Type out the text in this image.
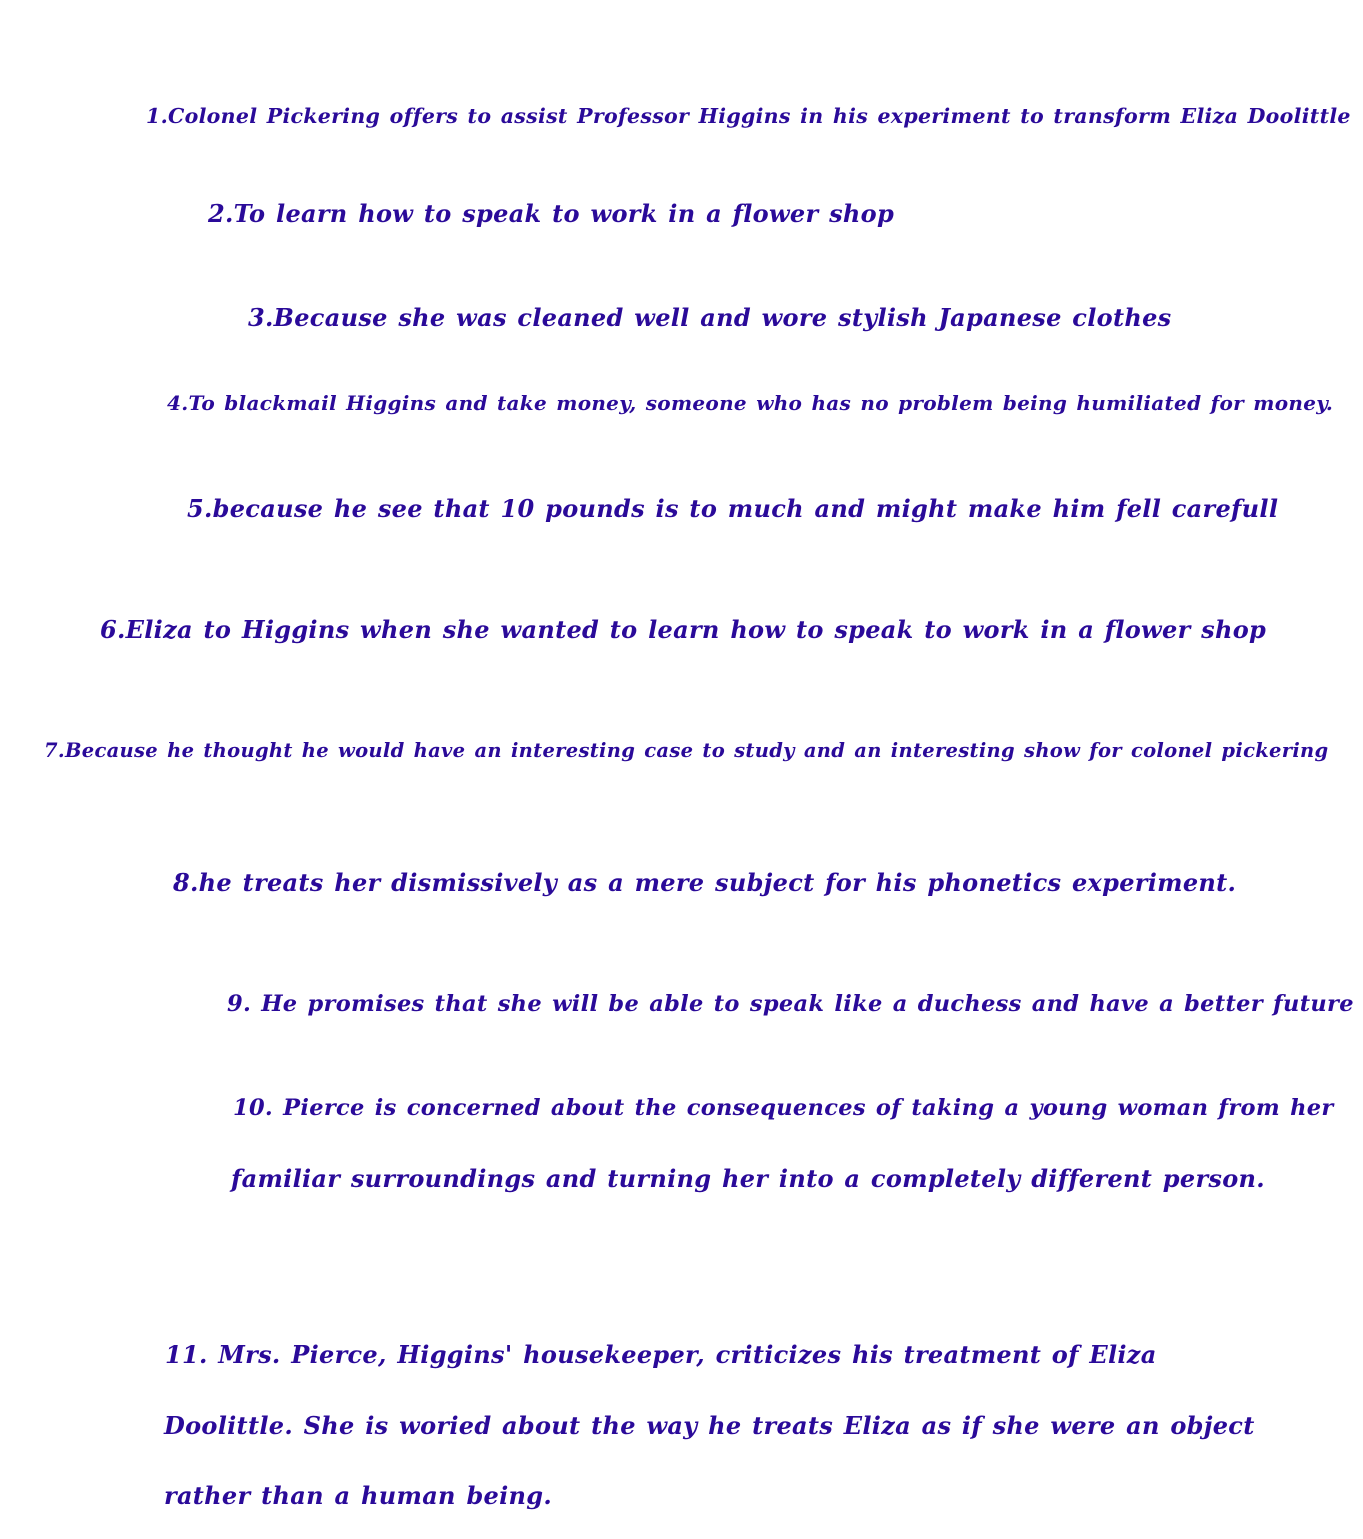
1.Colonel Pickering offers to assist Professor Higgins in his experiment to transform Eliza Doolittle

2.To learn how to speak to work in a flower shop

3.Because she was cleaned well and wore stylish Japanese clothes

4.To blackmail Higgins and take money, someone who has no problem being humiliated for money.

5.because he see that 10 pounds is to much and might make him fell carefull

6.Eliza to Higgins when she wanted to learn how to speak to work in a flower shop

7.Because he thought he would have an interesting case to study and an interesting show for colonel pickering

8.he treats her dismissively as a mere subject for his phonetics experiment.

9. He promises that she will be able to speak like a duchess and have a better future

10. Pierce is concerned about the consequences of taking a young woman from her

familiar surroundings and turning her into a completely different person.

11. Mrs. Pierce, Higgins' housekeeper, criticizes his treatment of Eliza

Doolittle. She is woried about the way he treats Eliza as if she were an object

rather than a human being.
